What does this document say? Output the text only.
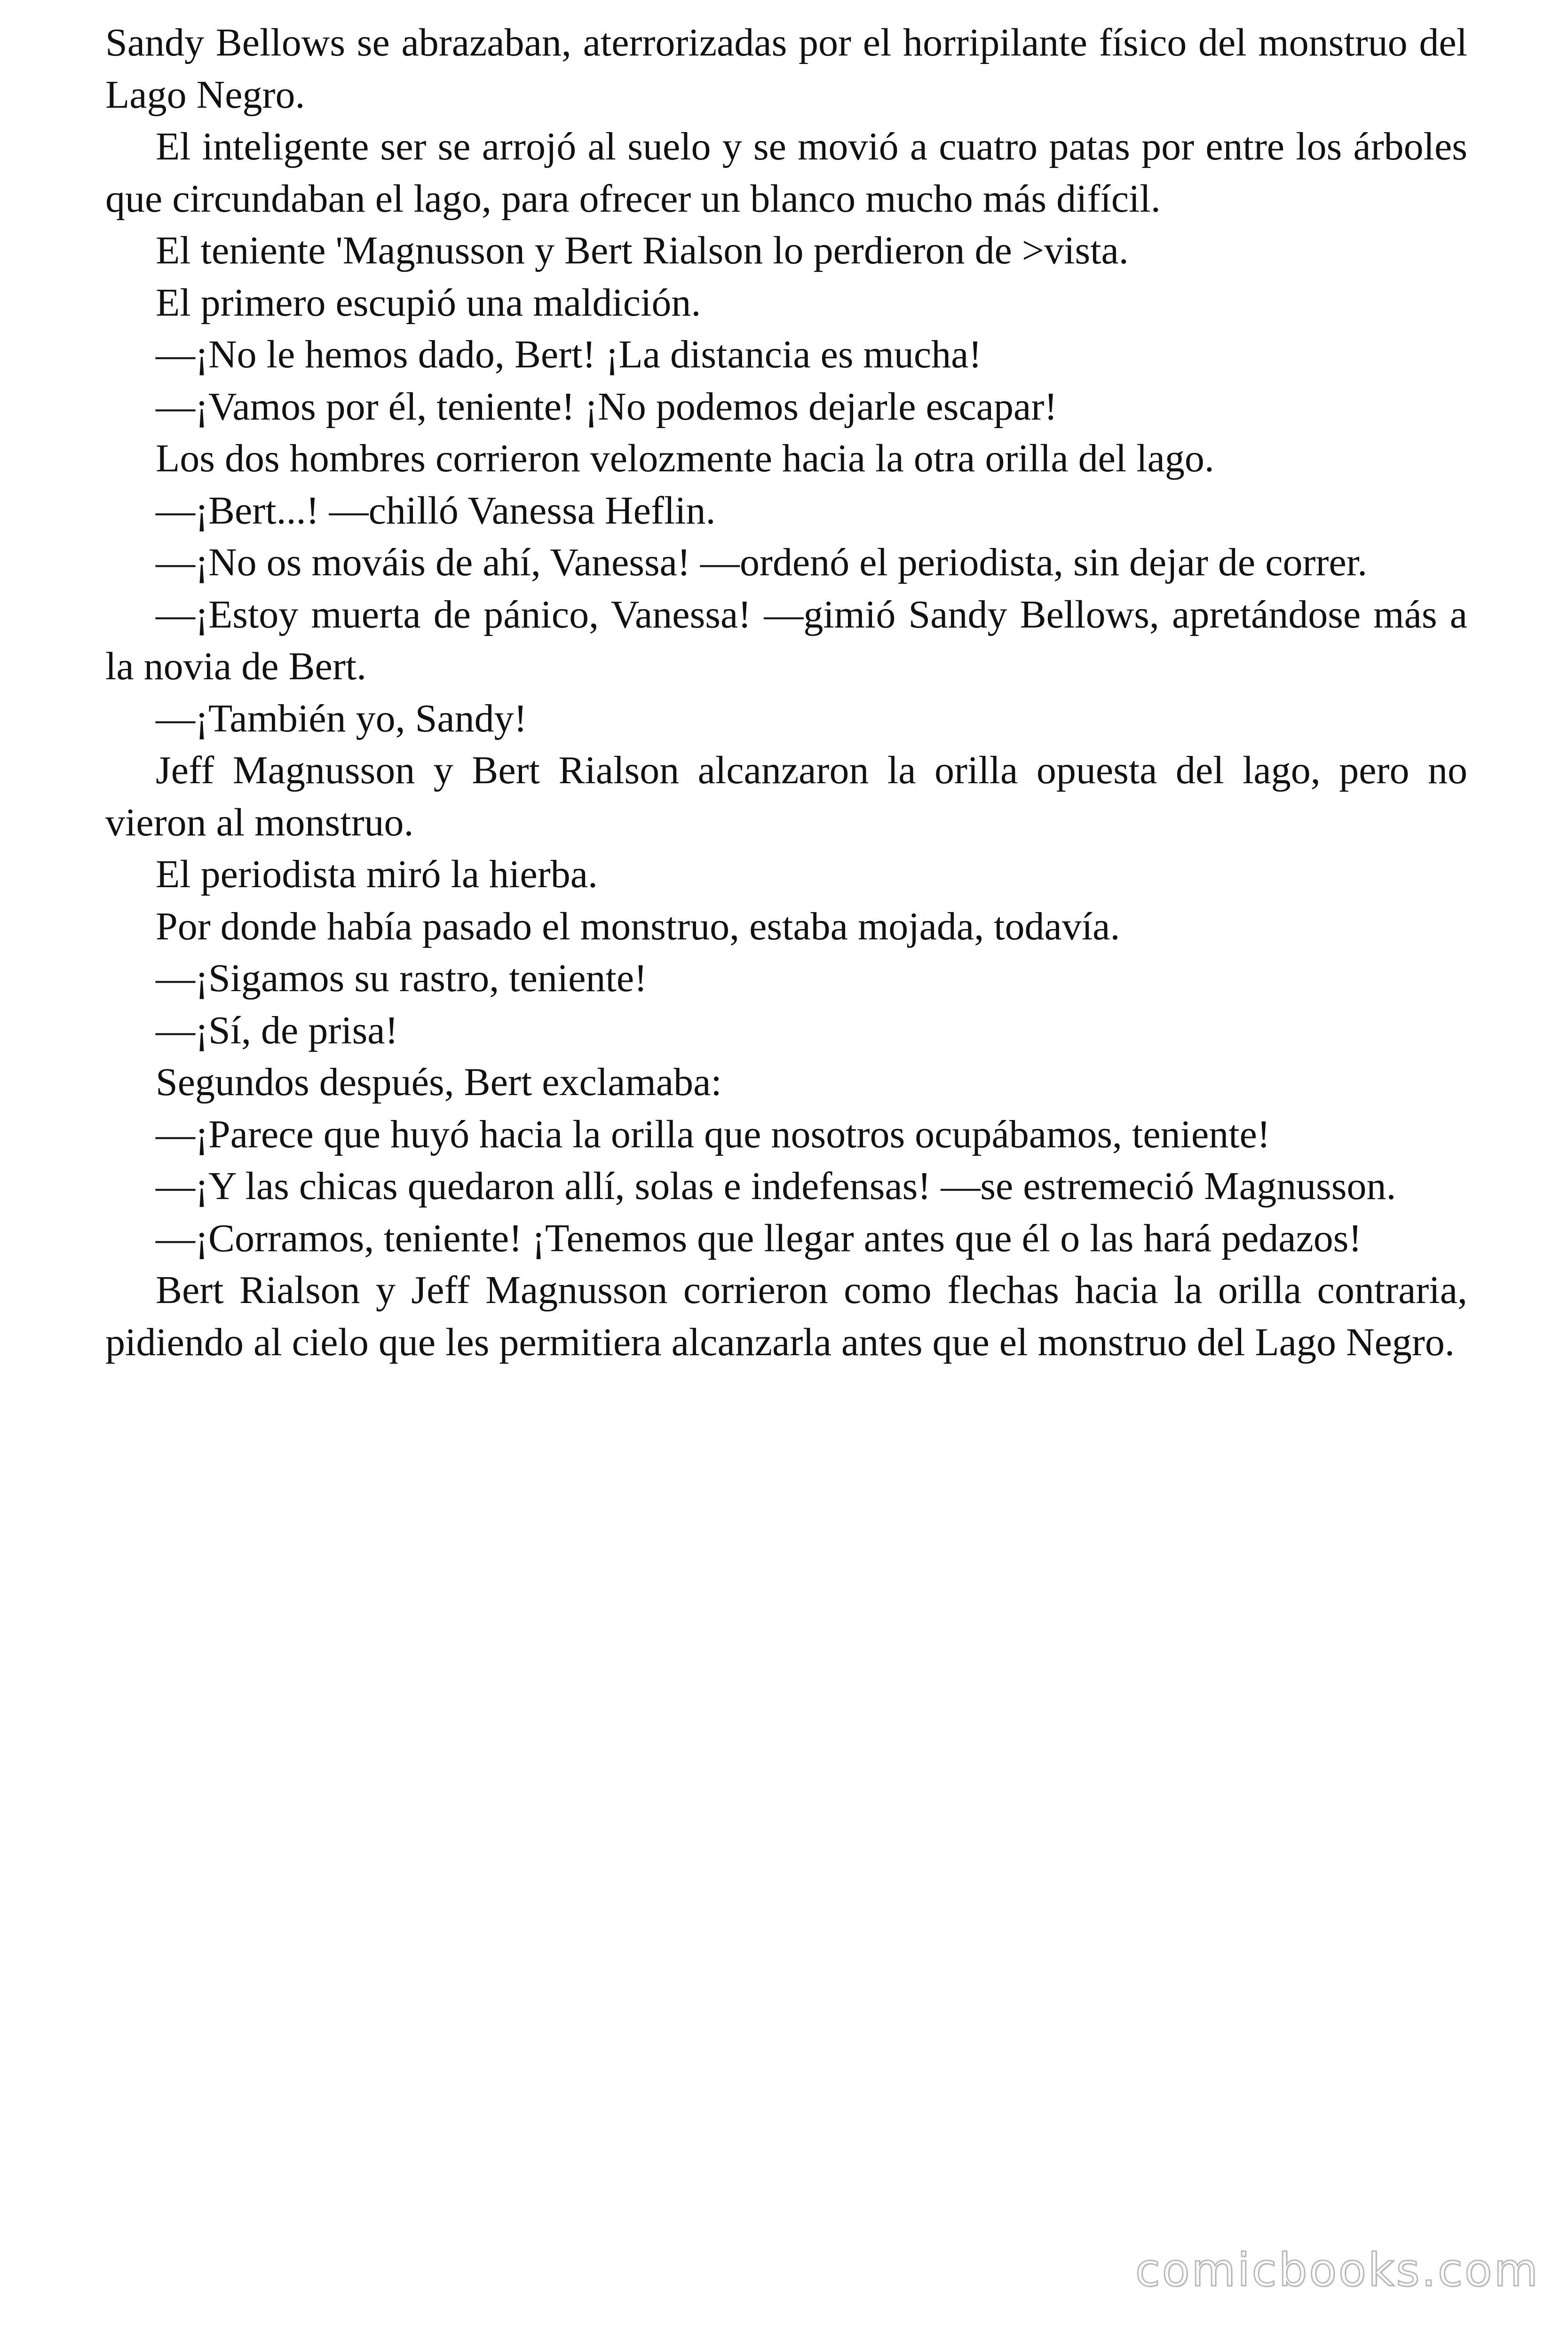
Sandy Bellows se abrazaban, aterrorizadas por el horripilante físico del monstruo del Lago Negro.

El inteligente ser se arrojó al suelo y se movió a cuatro patas por entre los árboles que circundaban el lago, para ofrecer un blanco mucho más difícil.

El teniente 'Magnusson y Bert Rialson lo perdieron de >vista.

El primero escupió una maldición.

—¡No le hemos dado, Bert! ¡La distancia es mucha!

—¡Vamos por él, teniente! ¡No podemos dejarle escapar!

Los dos hombres corrieron velozmente hacia la otra orilla del lago.

—¡Bert...! —chilló Vanessa Heflin.

—¡No os mováis de ahí, Vanessa! —ordenó el periodista, sin dejar de correr.

—¡Estoy muerta de pánico, Vanessa! —gimió Sandy Bellows, apretándose más a la novia de Bert.

—¡También yo, Sandy!

Jeff Magnusson y Bert Rialson alcanzaron la orilla opuesta del lago, pero no vieron al monstruo.

El periodista miró la hierba.

Por donde había pasado el monstruo, estaba mojada, todavía.

—¡Sigamos su rastro, teniente!

—¡Sí, de prisa!

Segundos después, Bert exclamaba:

—¡Parece que huyó hacia la orilla que nosotros ocupábamos, teniente!

—¡Y las chicas quedaron allí, solas e indefensas! —se estremeció Magnusson.

—¡Corramos, teniente! ¡Tenemos que llegar antes que él o las hará pedazos!

Bert Rialson y Jeff Magnusson corrieron como flechas hacia la orilla contraria, pidiendo al cielo que les permitiera alcanzarla antes que el monstruo del Lago Negro.

comicbooks.com
